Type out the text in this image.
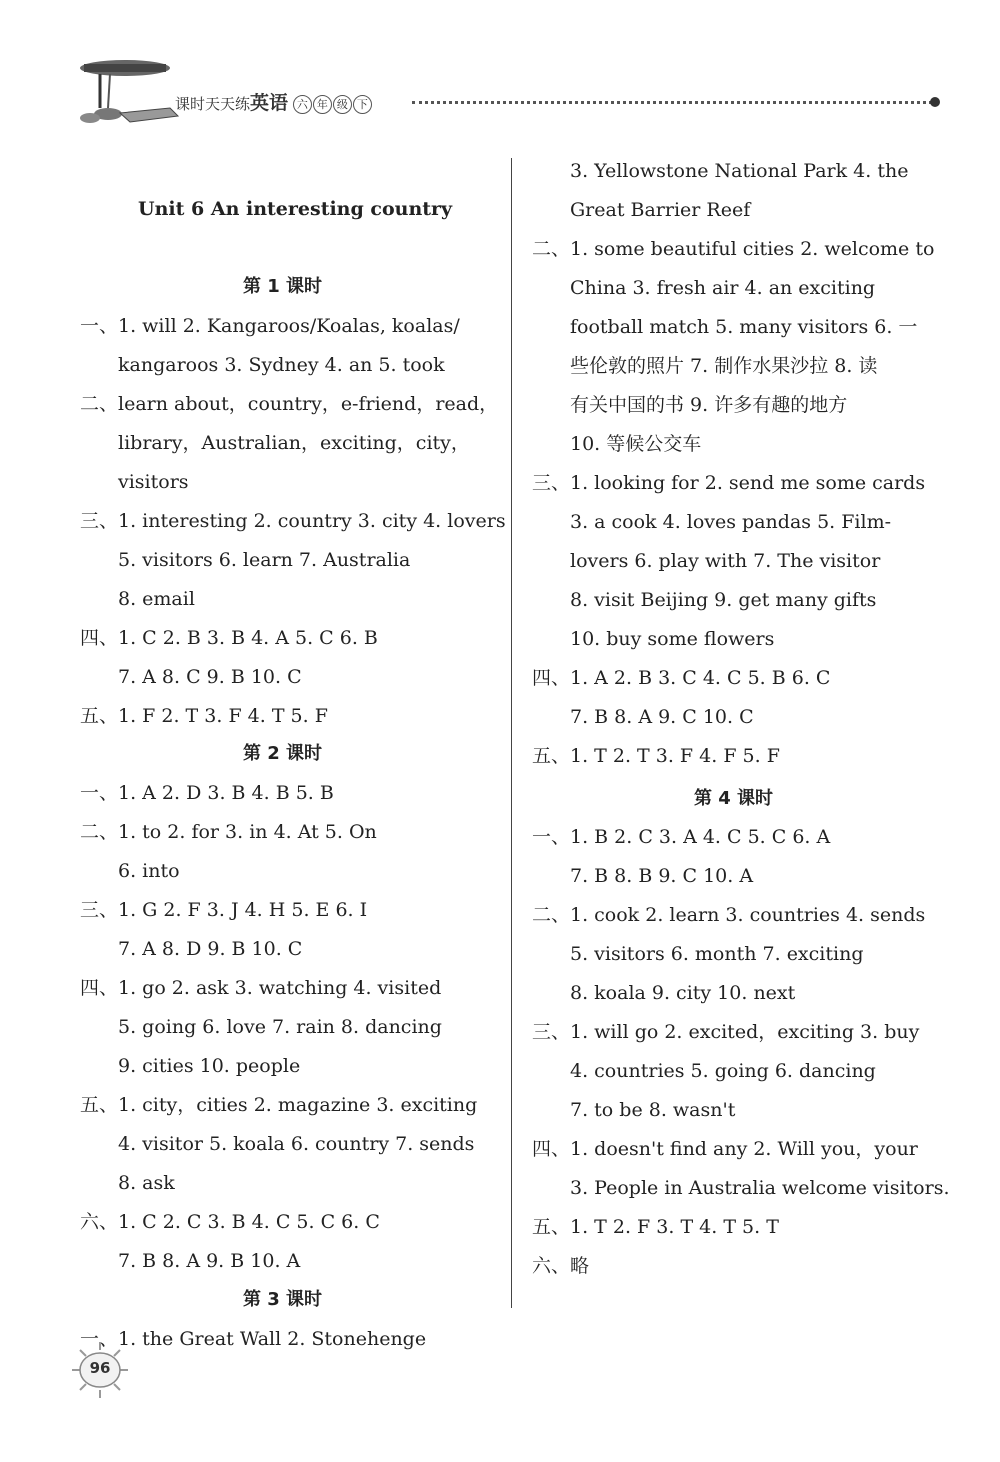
课时天天练英语 六 年 级 下
Unit 6 An interesting country
第 1 课时
一、1. will 2. Kangaroos/Koalas, koalas/
kangaroos 3. Sydney 4. an 5. took
二、learn about，country，e-friend，read，
library，Australian，exciting，city，
visitors
三、1. interesting 2. country 3. city 4. lovers
5. visitors 6. learn 7. Australia
8. email
四、1. C 2. B 3. B 4. A 5. C 6. B
7. A 8. C 9. B 10. C
五、1. F 2. T 3. F 4. T 5. F
第 2 课时
一、1. A 2. D 3. B 4. B 5. B
二、1. to 2. for 3. in 4. At 5. On
6. into
三、1. G 2. F 3. J 4. H 5. E 6. I
7. A 8. D 9. B 10. C
四、1. go 2. ask 3. watching 4. visited
5. going 6. love 7. rain 8. dancing
9. cities 10. people
五、1. city，cities 2. magazine 3. exciting
4. visitor 5. koala 6. country 7. sends
8. ask
六、1. C 2. C 3. B 4. C 5. C 6. C
7. B 8. A 9. B 10. A
第 3 课时
一、1. the Great Wall 2. Stonehenge
3. Yellowstone National Park 4. the
Great Barrier Reef
二、1. some beautiful cities 2. welcome to
China 3. fresh air 4. an exciting
football match 5. many visitors 6. 一
些伦敦的照片 7. 制作水果沙拉 8. 读
有关中国的书 9. 许多有趣的地方
10. 等候公交车
三、1. looking for 2. send me some cards
3. a cook 4. loves pandas 5. Film-
lovers 6. play with 7. The visitor
8. visit Beijing 9. get many gifts
10. buy some flowers
四、1. A 2. B 3. C 4. C 5. B 6. C
7. B 8. A 9. C 10. C
五、1. T 2. T 3. F 4. F 5. F
第 4 课时
一、1. B 2. C 3. A 4. C 5. C 6. A
7. B 8. B 9. C 10. A
二、1. cook 2. learn 3. countries 4. sends
5. visitors 6. month 7. exciting
8. koala 9. city 10. next
三、1. will go 2. excited，exciting 3. buy
4. countries 5. going 6. dancing
7. to be 8. wasn't
四、1. doesn't find any 2. Will you，your
3. People in Australia welcome visitors.
五、1. T 2. F 3. T 4. T 5. T
六、略
96
